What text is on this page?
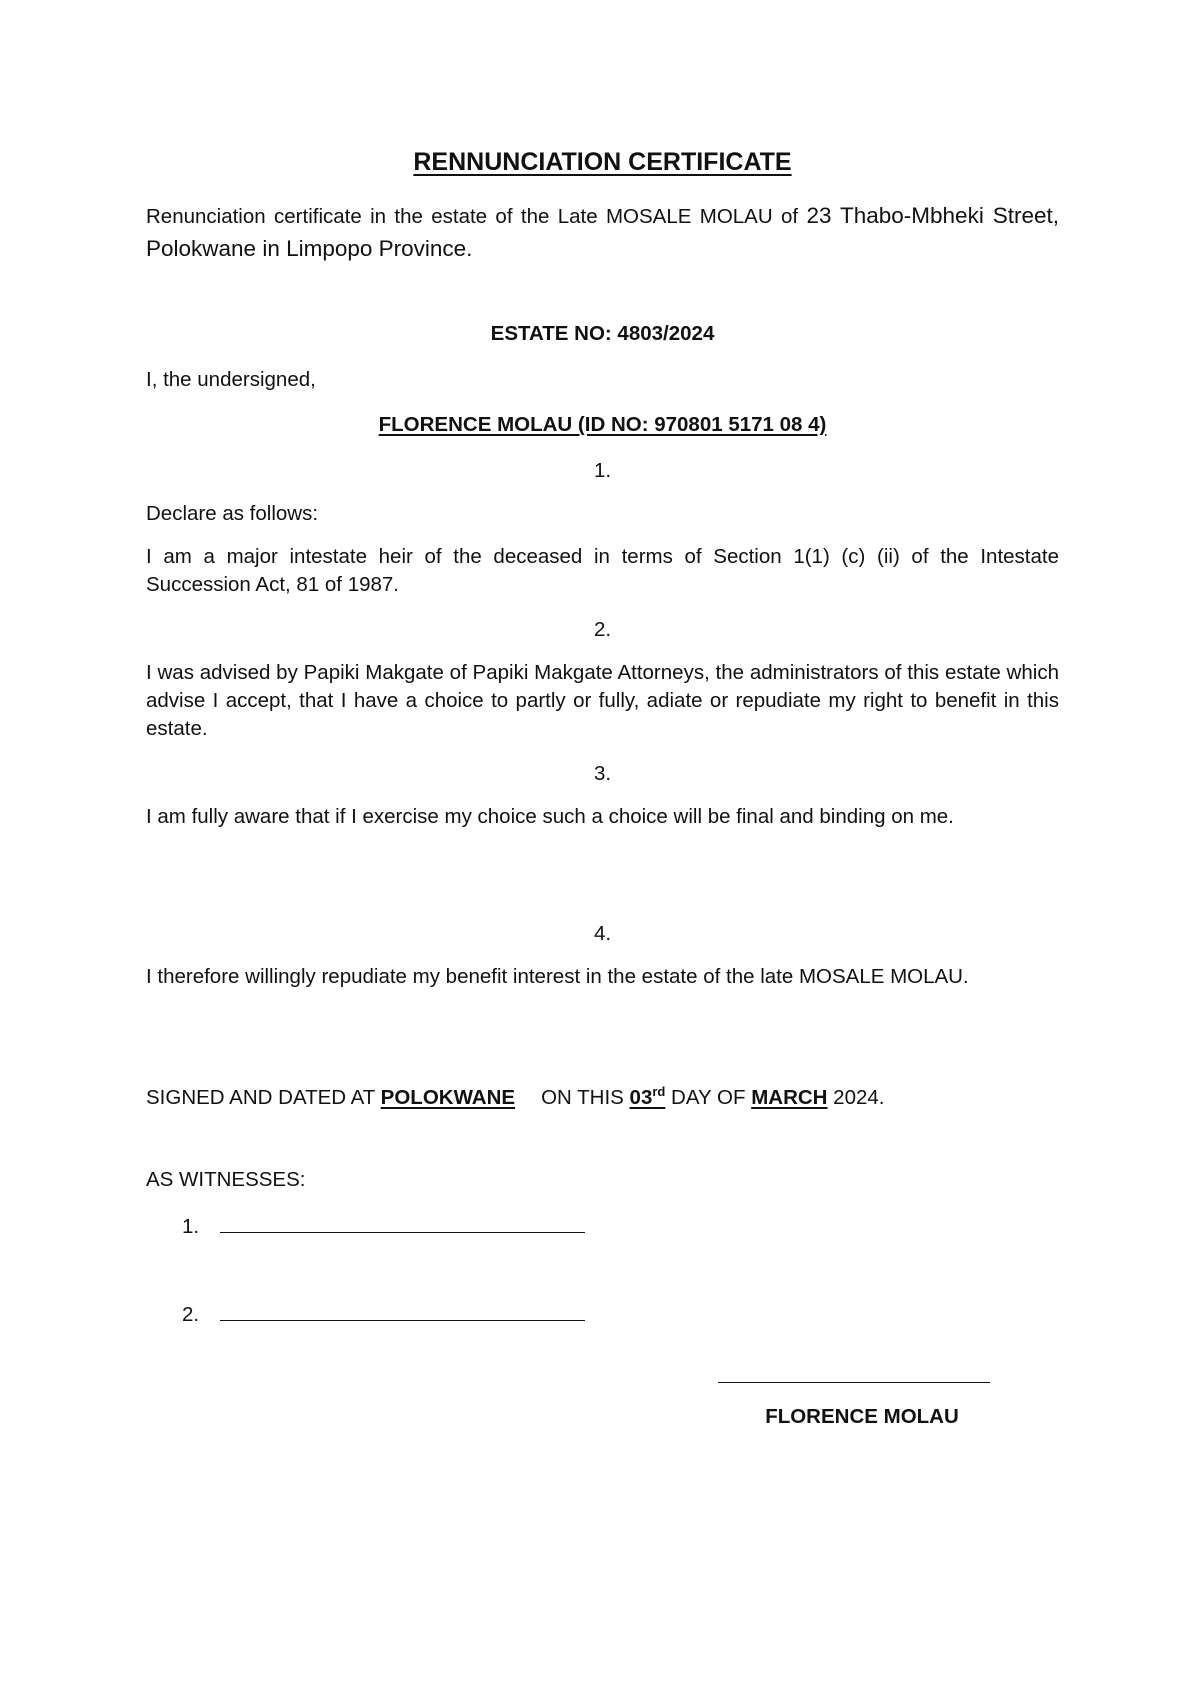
RENNUNCIATION CERTIFICATE
Renunciation certificate in the estate of the Late MOSALE MOLAU of 23 Thabo-Mbheki Street, Polokwane in Limpopo Province.
ESTATE NO: 4803/2024
I, the undersigned,
FLORENCE MOLAU (ID NO: 970801 5171 08 4)
1.
Declare as follows:
I am a major intestate heir of the deceased in terms of Section 1(1) (c) (ii) of the Intestate Succession Act, 81 of 1987.
2.
I was advised by Papiki Makgate of Papiki Makgate Attorneys, the administrators of this estate which advise I accept, that I have a choice to partly or fully, adiate or repudiate my right to benefit in this estate.
3.
I am fully aware that if I exercise my choice such a choice will be final and binding on me.
4.
I therefore willingly repudiate my benefit interest in the estate of the late MOSALE MOLAU.
SIGNED AND DATED AT POLOKWANE ON THIS 03rd DAY OF MARCH 2024.
AS WITNESSES:
1.
2.
FLORENCE MOLAU
